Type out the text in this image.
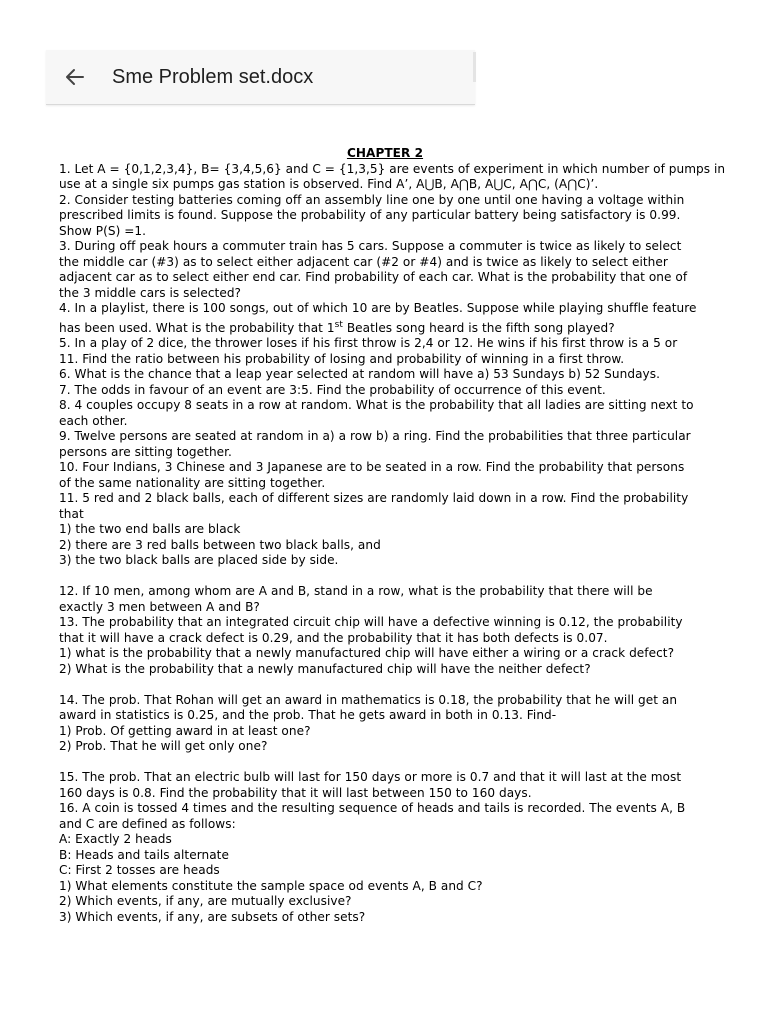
Sme Problem set.docx

CHAPTER 2

1. Let A = {0,1,2,3,4}, B= {3,4,5,6} and C = {1,3,5} are events of experiment in which number of pumps in

use at a single six pumps gas station is observed. Find A’, A⋃B, A⋂B, A⋃C, A⋂C, (A⋂C)’.

2. Consider testing batteries coming off an assembly line one by one until one having a voltage within

prescribed limits is found. Suppose the probability of any particular battery being satisfactory is 0.99.

Show P(S) =1.

3. During off peak hours a commuter train has 5 cars. Suppose a commuter is twice as likely to select

the middle car (#3) as to select either adjacent car (#2 or #4) and is twice as likely to select either

adjacent car as to select either end car. Find probability of each car. What is the probability that one of

the 3 middle cars is selected?

4. In a playlist, there is 100 songs, out of which 10 are by Beatles. Suppose while playing shuffle feature

has been used. What is the probability that 1st Beatles song heard is the fifth song played?

5. In a play of 2 dice, the thrower loses if his first throw is 2,4 or 12. He wins if his first throw is a 5 or

11. Find the ratio between his probability of losing and probability of winning in a first throw.

6. What is the chance that a leap year selected at random will have a) 53 Sundays b) 52 Sundays.

7. The odds in favour of an event are 3:5. Find the probability of occurrence of this event.

8. 4 couples occupy 8 seats in a row at random. What is the probability that all ladies are sitting next to

each other.

9. Twelve persons are seated at random in a) a row b) a ring. Find the probabilities that three particular

persons are sitting together.

10. Four Indians, 3 Chinese and 3 Japanese are to be seated in a row. Find the probability that persons

of the same nationality are sitting together.

11. 5 red and 2 black balls, each of different sizes are randomly laid down in a row. Find the probability

that

1) the two end balls are black

2) there are 3 red balls between two black balls, and

3) the two black balls are placed side by side.

12. If 10 men, among whom are A and B, stand in a row, what is the probability that there will be

exactly 3 men between A and B?

13. The probability that an integrated circuit chip will have a defective winning is 0.12, the probability

that it will have a crack defect is 0.29, and the probability that it has both defects is 0.07.

1) what is the probability that a newly manufactured chip will have either a wiring or a crack defect?

2) What is the probability that a newly manufactured chip will have the neither defect?

14. The prob. That Rohan will get an award in mathematics is 0.18, the probability that he will get an

award in statistics is 0.25, and the prob. That he gets award in both in 0.13. Find-

1) Prob. Of getting award in at least one?

2) Prob. That he will get only one?

15. The prob. That an electric bulb will last for 150 days or more is 0.7 and that it will last at the most

160 days is 0.8. Find the probability that it will last between 150 to 160 days.

16. A coin is tossed 4 times and the resulting sequence of heads and tails is recorded. The events A, B

and C are defined as follows:

A: Exactly 2 heads

B: Heads and tails alternate

C: First 2 tosses are heads

1) What elements constitute the sample space od events A, B and C?

2) Which events, if any, are mutually exclusive?

3) Which events, if any, are subsets of other sets?
